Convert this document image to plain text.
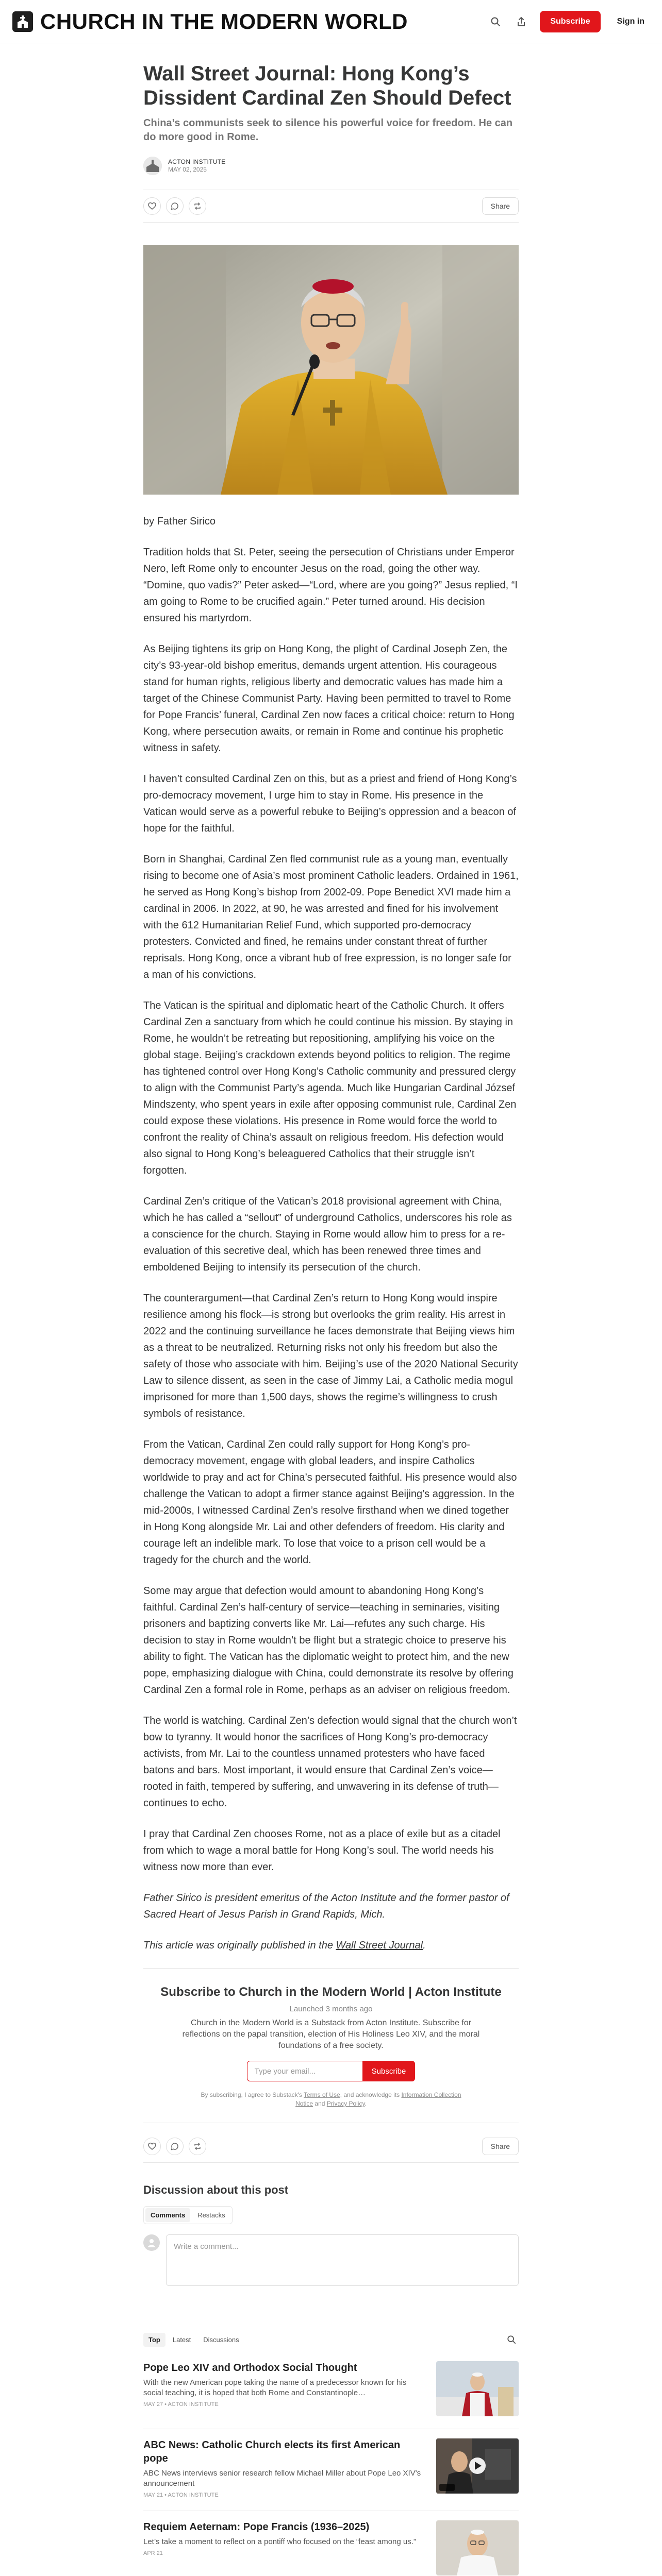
CHURCH IN THE MODERN WORLD	Subscribe	Sign in
Wall Street Journal: Hong Kong’s Dissident Cardinal Zen Should Defect
China’s communists seek to silence his powerful voice for freedom. He can do more good in Rome.
ACTON INSTITUTE
MAY 02, 2025
Share

by Father Sirico

Tradition holds that St. Peter, seeing the persecution of Christians under Emperor Nero, left Rome only to encounter Jesus on the road, going the other way. “Domine, quo vadis?” Peter asked—“Lord, where are you going?” Jesus replied, “I am going to Rome to be crucified again.” Peter turned around. His decision ensured his martyrdom.

As Beijing tightens its grip on Hong Kong, the plight of Cardinal Joseph Zen, the city’s 93-year-old bishop emeritus, demands urgent attention. His courageous stand for human rights, religious liberty and democratic values has made him a target of the Chinese Communist Party. Having been permitted to travel to Rome for Pope Francis’ funeral, Cardinal Zen now faces a critical choice: return to Hong Kong, where persecution awaits, or remain in Rome and continue his prophetic witness in safety.

I haven’t consulted Cardinal Zen on this, but as a priest and friend of Hong Kong’s pro-democracy movement, I urge him to stay in Rome. His presence in the Vatican would serve as a powerful rebuke to Beijing’s oppression and a beacon of hope for the faithful.

Born in Shanghai, Cardinal Zen fled communist rule as a young man, eventually rising to become one of Asia’s most prominent Catholic leaders. Ordained in 1961, he served as Hong Kong’s bishop from 2002-09. Pope Benedict XVI made him a cardinal in 2006. In 2022, at 90, he was arrested and fined for his involvement with the 612 Humanitarian Relief Fund, which supported pro-democracy protesters. Convicted and fined, he remains under constant threat of further reprisals. Hong Kong, once a vibrant hub of free expression, is no longer safe for a man of his convictions.

The Vatican is the spiritual and diplomatic heart of the Catholic Church. It offers Cardinal Zen a sanctuary from which he could continue his mission. By staying in Rome, he wouldn’t be retreating but repositioning, amplifying his voice on the global stage. Beijing’s crackdown extends beyond politics to religion. The regime has tightened control over Hong Kong’s Catholic community and pressured clergy to align with the Communist Party’s agenda. Much like Hungarian Cardinal József Mindszenty, who spent years in exile after opposing communist rule, Cardinal Zen could expose these violations. His presence in Rome would force the world to confront the reality of China’s assault on religious freedom. His defection would also signal to Hong Kong’s beleaguered Catholics that their struggle isn’t forgotten.

Cardinal Zen’s critique of the Vatican’s 2018 provisional agreement with China, which he has called a “sellout” of underground Catholics, underscores his role as a conscience for the church. Staying in Rome would allow him to press for a re-evaluation of this secretive deal, which has been renewed three times and emboldened Beijing to intensify its persecution of the church.

The counterargument—that Cardinal Zen’s return to Hong Kong would inspire resilience among his flock—is strong but overlooks the grim reality. His arrest in 2022 and the continuing surveillance he faces demonstrate that Beijing views him as a threat to be neutralized. Returning risks not only his freedom but also the safety of those who associate with him. Beijing’s use of the 2020 National Security Law to silence dissent, as seen in the case of Jimmy Lai, a Catholic media mogul imprisoned for more than 1,500 days, shows the regime’s willingness to crush symbols of resistance.

From the Vatican, Cardinal Zen could rally support for Hong Kong’s pro-democracy movement, engage with global leaders, and inspire Catholics worldwide to pray and act for China’s persecuted faithful. His presence would also challenge the Vatican to adopt a firmer stance against Beijing’s aggression. In the mid-2000s, I witnessed Cardinal Zen’s resolve firsthand when we dined together in Hong Kong alongside Mr. Lai and other defenders of freedom. His clarity and courage left an indelible mark. To lose that voice to a prison cell would be a tragedy for the church and the world.

Some may argue that defection would amount to abandoning Hong Kong’s faithful. Cardinal Zen’s half-century of service—teaching in seminaries, visiting prisoners and baptizing converts like Mr. Lai—refutes any such charge. His decision to stay in Rome wouldn’t be flight but a strategic choice to preserve his ability to fight. The Vatican has the diplomatic weight to protect him, and the new pope, emphasizing dialogue with China, could demonstrate its resolve by offering Cardinal Zen a formal role in Rome, perhaps as an adviser on religious freedom.

The world is watching. Cardinal Zen’s defection would signal that the church won’t bow to tyranny. It would honor the sacrifices of Hong Kong’s pro-democracy activists, from Mr. Lai to the countless unnamed protesters who have faced batons and bars. Most important, it would ensure that Cardinal Zen’s voice—rooted in faith, tempered by suffering, and unwavering in its defense of truth—continues to echo.

I pray that Cardinal Zen chooses Rome, not as a place of exile but as a citadel from which to wage a moral battle for Hong Kong’s soul. The world needs his witness now more than ever.

Father Sirico is president emeritus of the Acton Institute and the former pastor of Sacred Heart of Jesus Parish in Grand Rapids, Mich.

This article was originally published in the Wall Street Journal.

Subscribe to Church in the Modern World | Acton Institute
Launched 3 months ago
Church in the Modern World is a Substack from Acton Institute. Subscribe for reflections on the papal transition, election of His Holiness Leo XIV, and the moral foundations of a free society.
Type your email...	Subscribe
By subscribing, I agree to Substack's Terms of Use, and acknowledge its Information Collection Notice and Privacy Policy.
Share
Discussion about this post
Comments	Restacks
Write a comment...
Top	Latest	Discussions
Pope Leo XIV and Orthodox Social Thought
With the new American pope taking the name of a predecessor known for his social teaching, it is hoped that both Rome and Constantinople…
MAY 27 • ACTON INSTITUTE
ABC News: Catholic Church elects its first American pope
ABC News interviews senior research fellow Michael Miller about Pope Leo XIV's announcement
MAY 21 • ACTON INSTITUTE
Requiem Aeternam: Pope Francis (1936–2025)
Let’s take a moment to reflect on a pontiff who focused on the “least among us.”
APR 21
